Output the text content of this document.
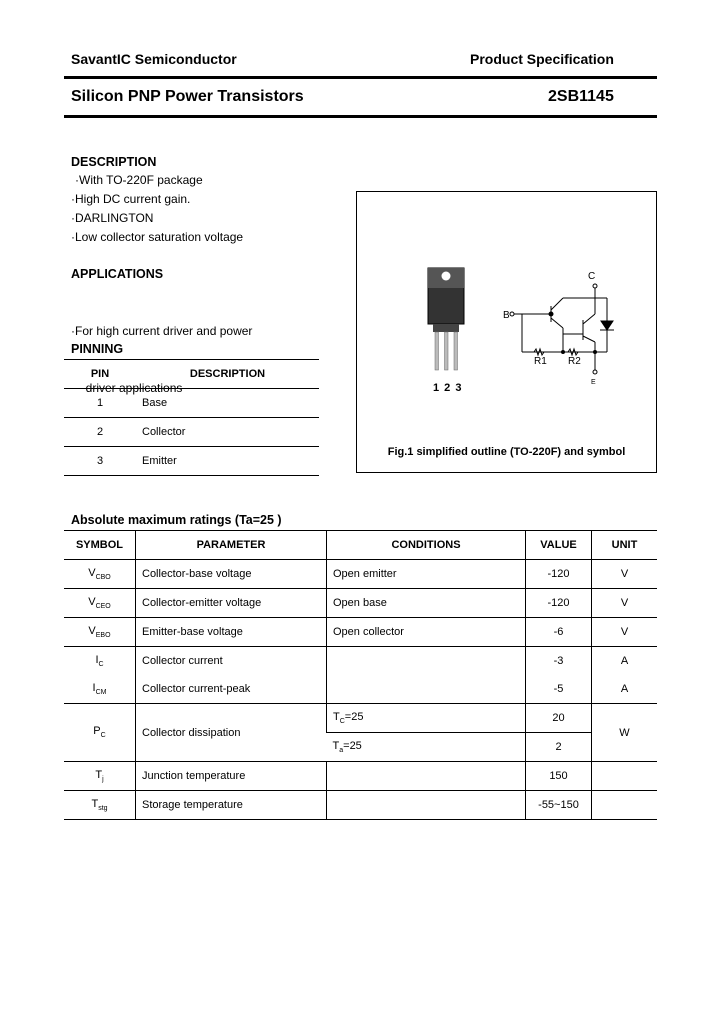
SavantIC Semiconductor	Product Specification
Silicon PNP Power Transistors	2SB1145
DESCRIPTION
·With TO-220F package
·High DC current gain.
·DARLINGTON
·Low collector saturation voltage
APPLICATIONS

·For high current driver and power

driver applications

PINNING
PIN	DESCRIPTION
1	Base
2	Collector
3	Emitter
C
B
R1 R2
E
1 2 3
Fig.1 simplified outline (TO-220F) and symbol
Absolute maximum ratings (Ta=25 )
SYMBOL	PARAMETER	CONDITIONS	VALUE	UNIT
$V_{CBO}$	Collector-base voltage	Open emitter	-120	V
$V_{CEO}$	Collector-emitter voltage	Open base	-120	V
$V_{EBO}$	Emitter-base voltage	Open collector	-6	V
$I_C$	Collector current		-3	A
$I_{CM}$	Collector current-peak		-5	A
$P_C$	Collector dissipation	$T_C=25$	20	W
		$T_a=25$	2	
$T_j$	Junction temperature		150	
$T_{stg}$	Storage temperature		-55~150	
